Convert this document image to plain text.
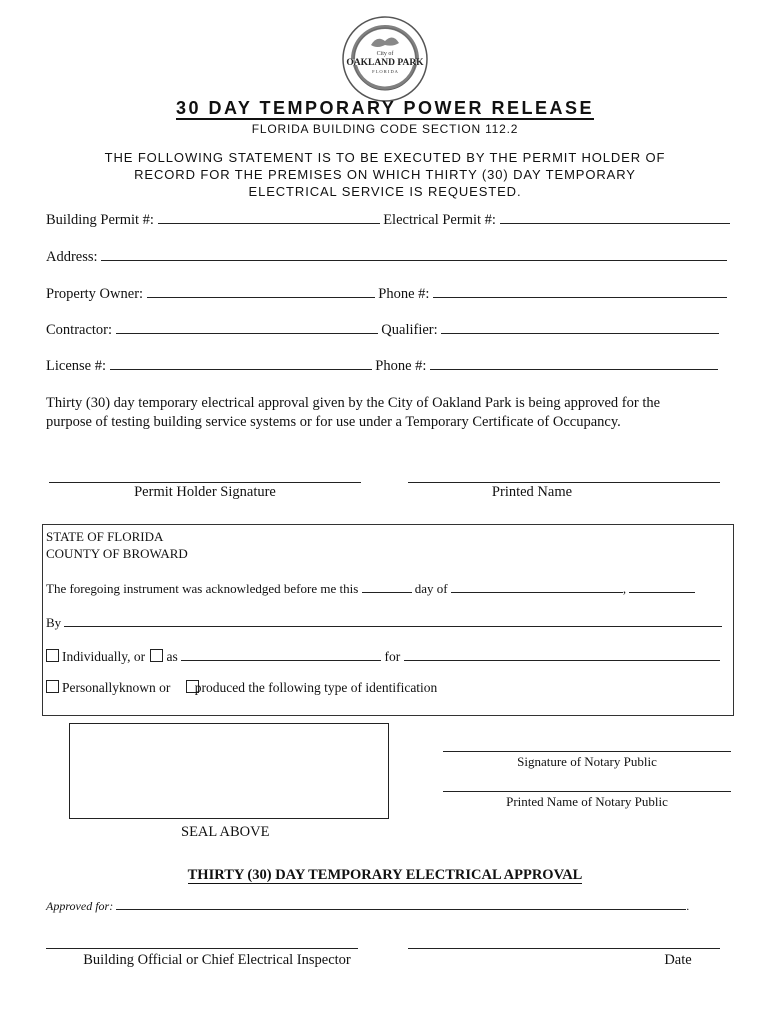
City of
OAKLAND PARK
F L O R I D A
30 DAY TEMPORARY POWER RELEASE
FLORIDA BUILDING CODE SECTION 112.2
THE FOLLOWING STATEMENT IS TO BE EXECUTED BY THE PERMIT HOLDER OF
RECORD FOR THE PREMISES ON WHICH THIRTY (30) DAY TEMPORARY
ELECTRICAL SERVICE IS REQUESTED.
Building Permit #:	Electrical Permit #:
Address:
Property Owner:	Phone #:
Contractor:	Qualifier:
License #:	Phone #:
Thirty (30) day temporary electrical approval given by the City of Oakland Park is being approved for the
purpose of testing building service systems or for use under a Temporary Certificate of Occupancy.
Permit Holder Signature	Printed Name
STATE OF FLORIDA
COUNTY OF BROWARD
The foregoing instrument was acknowledged before me this	day of	,
By
Individually, or as	for
Personallyknown or produced the following type of identification
Signature of Notary Public
Printed Name of Notary Public
SEAL ABOVE
THIRTY (30) DAY TEMPORARY ELECTRICAL APPROVAL
Approved for:	.
Building Official or Chief Electrical Inspector	Date
